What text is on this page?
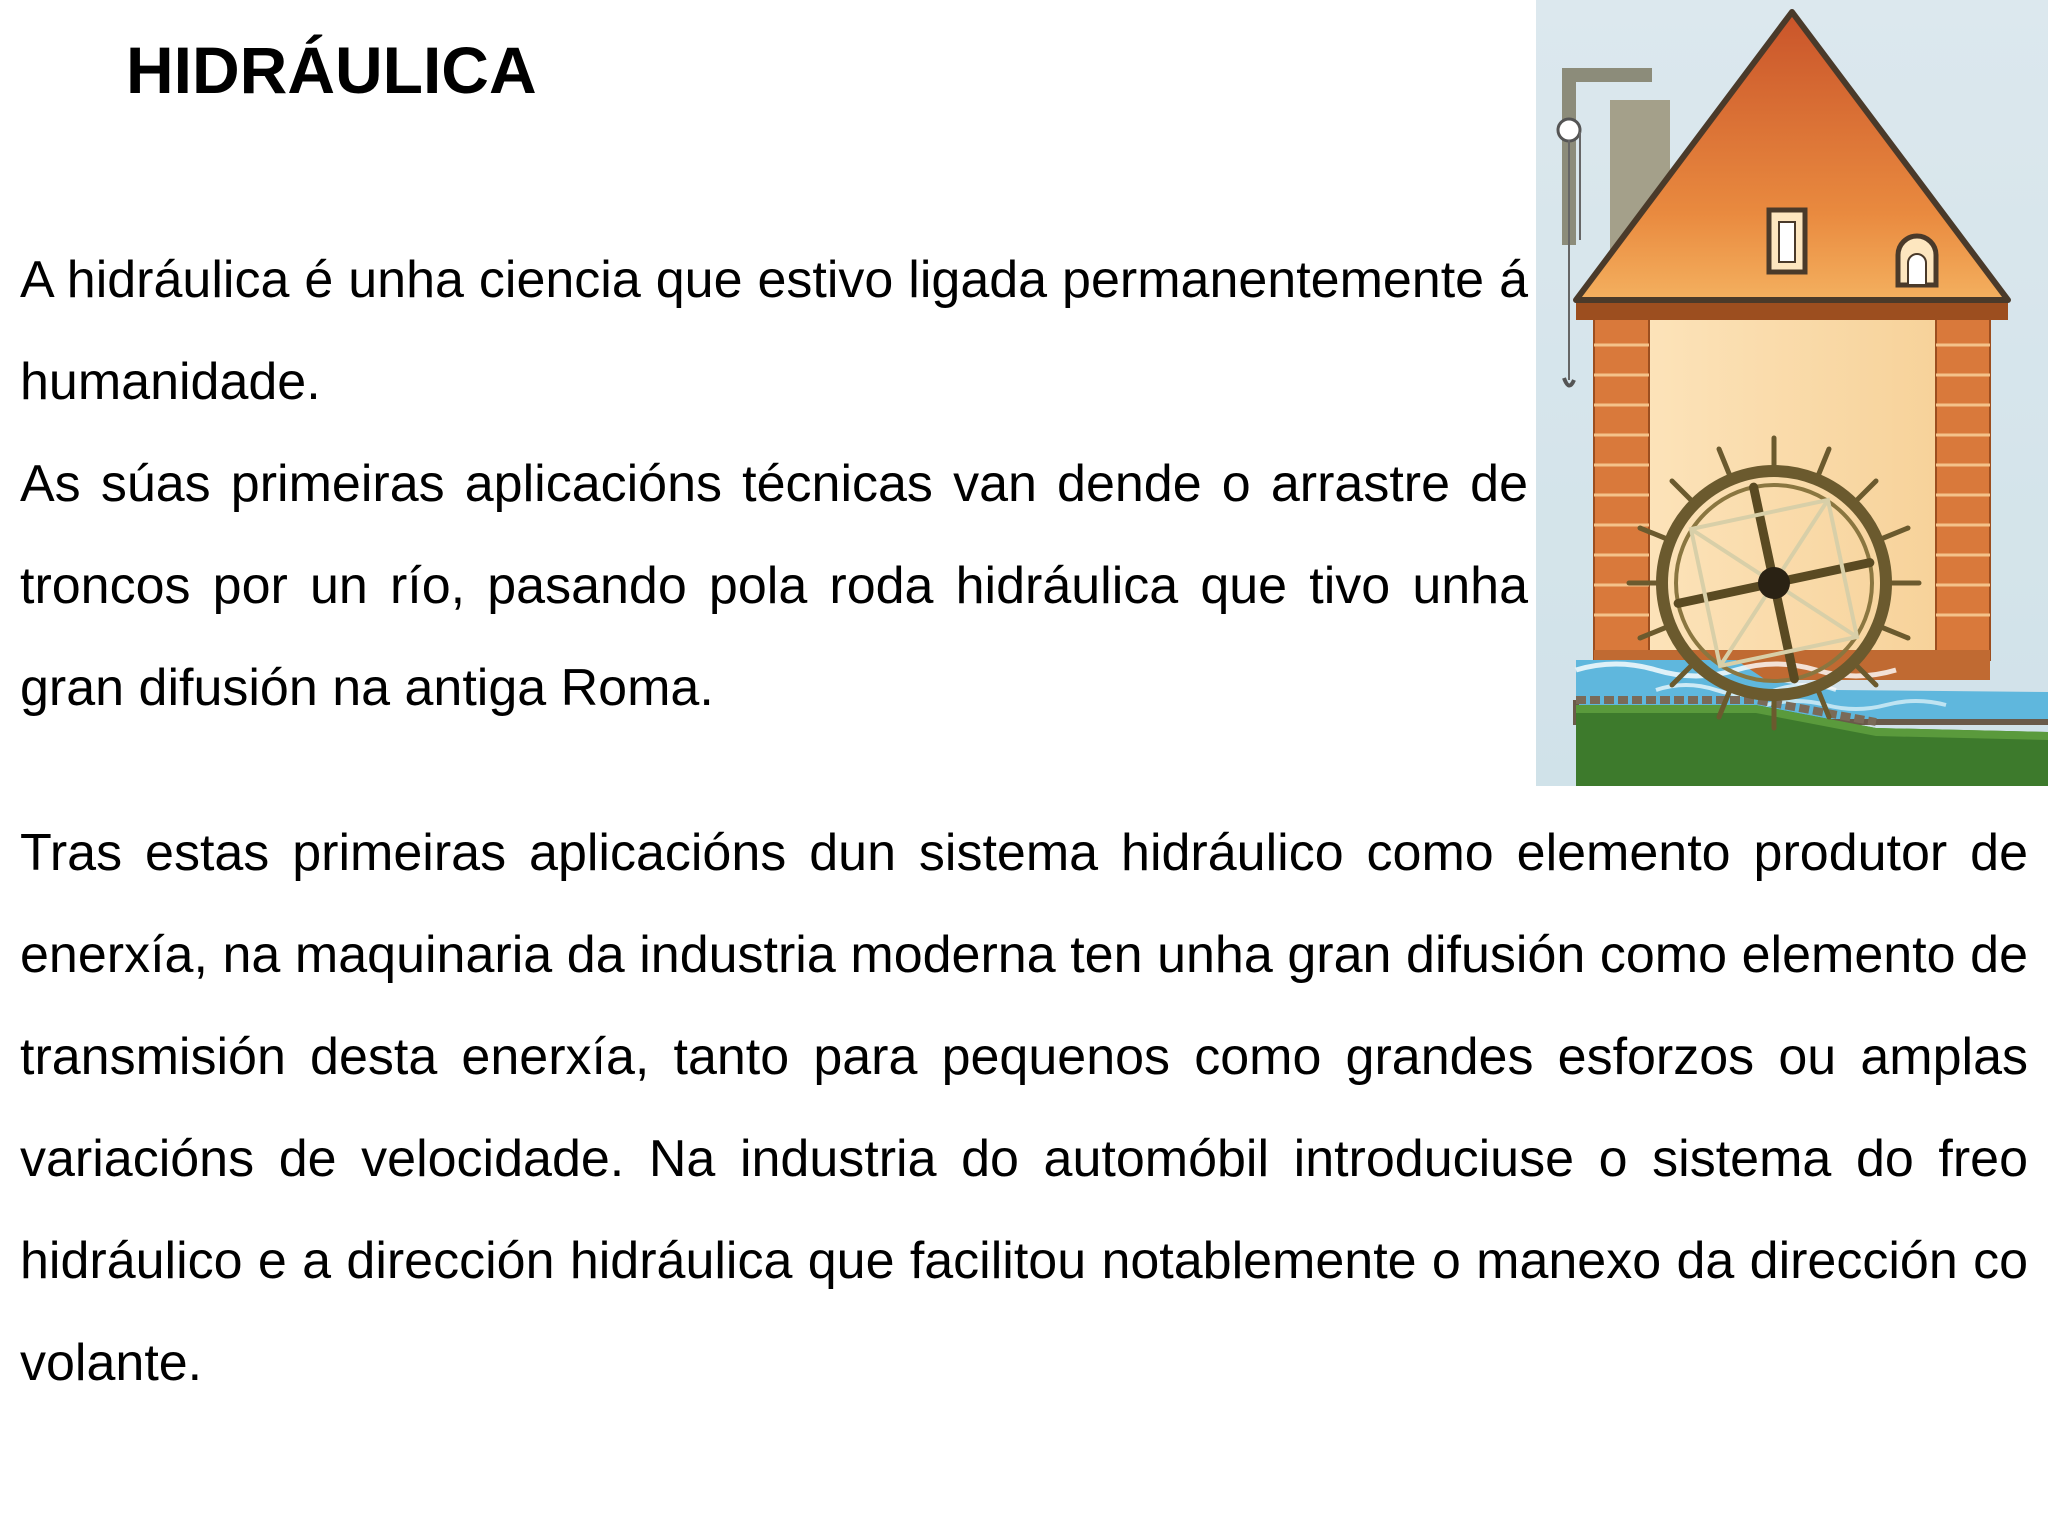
HIDRÁULICA

A hidráulica é unha ciencia que estivo ligada permanentemente á humanidade.

As súas primeiras aplicacións técnicas van dende o arrastre de troncos por un río, pasando pola roda hidráulica que tivo unha gran difusión na antiga Roma.

Tras estas primeiras aplicacións dun sistema hidráulico como elemento produtor de enerxía, na maquinaria da industria moderna ten unha gran difusión como elemento de transmisión desta enerxía, tanto para pequenos como grandes esforzos ou amplas variacións de velocidade. Na industria do automóbil introduciuse o sistema do freo hidráulico e a dirección hidráulica que facilitou notablemente o manexo da dirección co volante.
